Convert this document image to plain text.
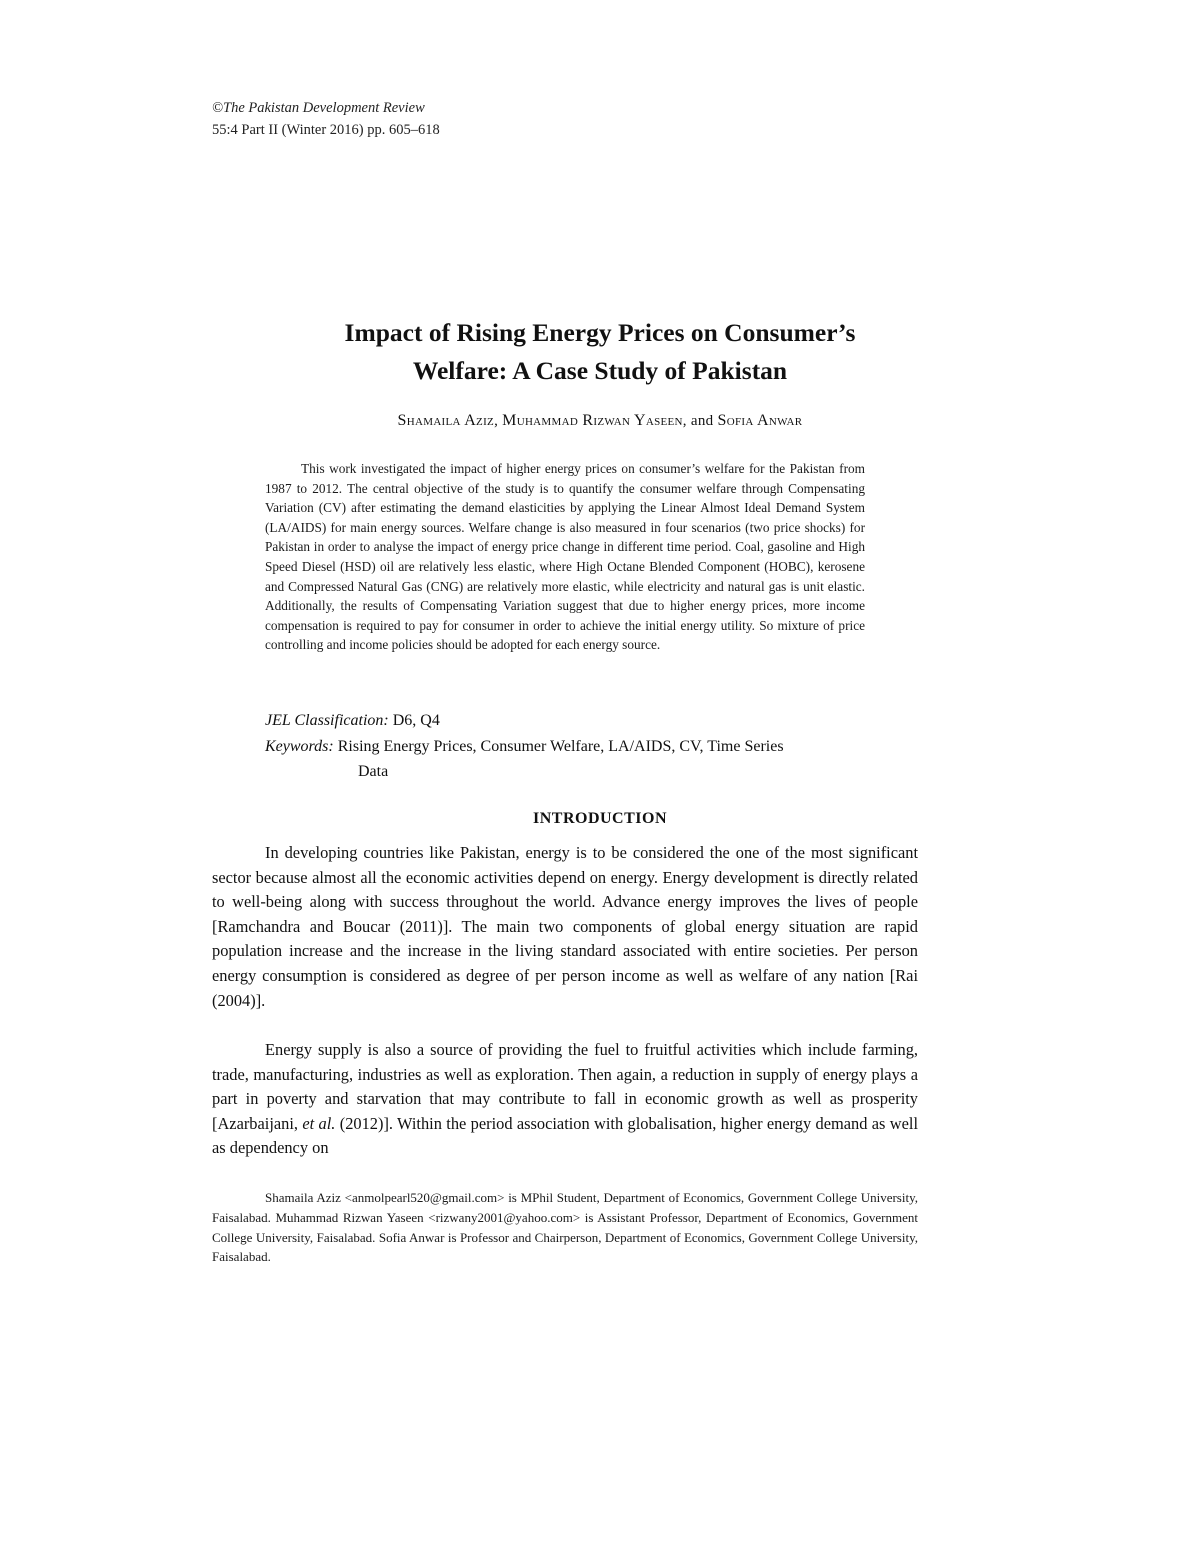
©The Pakistan Development Review
55:4 Part II (Winter 2016) pp. 605–618
Impact of Rising Energy Prices on Consumer’s
Welfare: A Case Study of Pakistan
Shamaila Aziz, Muhammad Rizwan Yaseen, and Sofia Anwar
This work investigated the impact of higher energy prices on consumer’s welfare for the Pakistan from 1987 to 2012. The central objective of the study is to quantify the consumer welfare through Compensating Variation (CV) after estimating the demand elasticities by applying the Linear Almost Ideal Demand System (LA/AIDS) for main energy sources. Welfare change is also measured in four scenarios (two price shocks) for Pakistan in order to analyse the impact of energy price change in different time period. Coal, gasoline and High Speed Diesel (HSD) oil are relatively less elastic, where High Octane Blended Component (HOBC), kerosene and Compressed Natural Gas (CNG) are relatively more elastic, while electricity and natural gas is unit elastic. Additionally, the results of Compensating Variation suggest that due to higher energy prices, more income compensation is required to pay for consumer in order to achieve the initial energy utility. So mixture of price controlling and income policies should be adopted for each energy source.
JEL Classification: D6, Q4
Keywords: Rising Energy Prices, Consumer Welfare, LA/AIDS, CV, Time Series
Data
INTRODUCTION

In developing countries like Pakistan, energy is to be considered the one of the most significant sector because almost all the economic activities depend on energy. Energy development is directly related to well-being along with success throughout the world. Advance energy improves the lives of people [Ramchandra and Boucar (2011)]. The main two components of global energy situation are rapid population increase and the increase in the living standard associated with entire societies. Per person energy consumption is considered as degree of per person income as well as welfare of any nation [Rai (2004)].

Energy supply is also a source of providing the fuel to fruitful activities which include farming, trade, manufacturing, industries as well as exploration. Then again, a reduction in supply of energy plays a part in poverty and starvation that may contribute to fall in economic growth as well as prosperity [Azarbaijani, et al. (2012)]. Within the period association with globalisation, higher energy demand as well as dependency on

Shamaila Aziz <anmolpearl520@gmail.com> is MPhil Student, Department of Economics, Government College University, Faisalabad. Muhammad Rizwan Yaseen <rizwany2001@yahoo.com> is Assistant Professor, Department of Economics, Government College University, Faisalabad. Sofia Anwar is Professor and Chairperson, Department of Economics, Government College University, Faisalabad.
